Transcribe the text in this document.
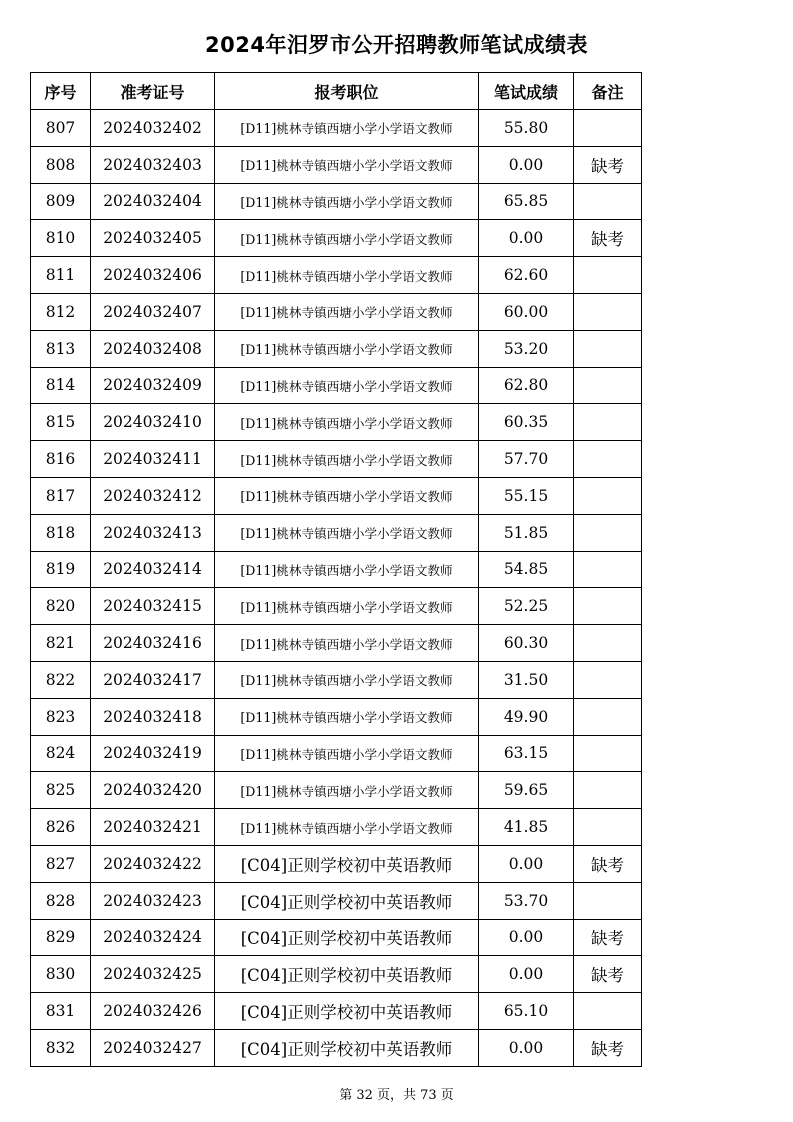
2024年汨罗市公开招聘教师笔试成绩表
序号	准考证号	报考职位	笔试成绩	备注
807	2024032402	[D11]桃林寺镇西塘小学小学语文教师	55.80	
808	2024032403	[D11]桃林寺镇西塘小学小学语文教师	0.00	缺考
809	2024032404	[D11]桃林寺镇西塘小学小学语文教师	65.85	
810	2024032405	[D11]桃林寺镇西塘小学小学语文教师	0.00	缺考
811	2024032406	[D11]桃林寺镇西塘小学小学语文教师	62.60	
812	2024032407	[D11]桃林寺镇西塘小学小学语文教师	60.00	
813	2024032408	[D11]桃林寺镇西塘小学小学语文教师	53.20	
814	2024032409	[D11]桃林寺镇西塘小学小学语文教师	62.80	
815	2024032410	[D11]桃林寺镇西塘小学小学语文教师	60.35	
816	2024032411	[D11]桃林寺镇西塘小学小学语文教师	57.70	
817	2024032412	[D11]桃林寺镇西塘小学小学语文教师	55.15	
818	2024032413	[D11]桃林寺镇西塘小学小学语文教师	51.85	
819	2024032414	[D11]桃林寺镇西塘小学小学语文教师	54.85	
820	2024032415	[D11]桃林寺镇西塘小学小学语文教师	52.25	
821	2024032416	[D11]桃林寺镇西塘小学小学语文教师	60.30	
822	2024032417	[D11]桃林寺镇西塘小学小学语文教师	31.50	
823	2024032418	[D11]桃林寺镇西塘小学小学语文教师	49.90	
824	2024032419	[D11]桃林寺镇西塘小学小学语文教师	63.15	
825	2024032420	[D11]桃林寺镇西塘小学小学语文教师	59.65	
826	2024032421	[D11]桃林寺镇西塘小学小学语文教师	41.85	
827	2024032422	[C04]正则学校初中英语教师	0.00	缺考
828	2024032423	[C04]正则学校初中英语教师	53.70	
829	2024032424	[C04]正则学校初中英语教师	0.00	缺考
830	2024032425	[C04]正则学校初中英语教师	0.00	缺考
831	2024032426	[C04]正则学校初中英语教师	65.10	
832	2024032427	[C04]正则学校初中英语教师	0.00	缺考
第 32 页，共 73 页
